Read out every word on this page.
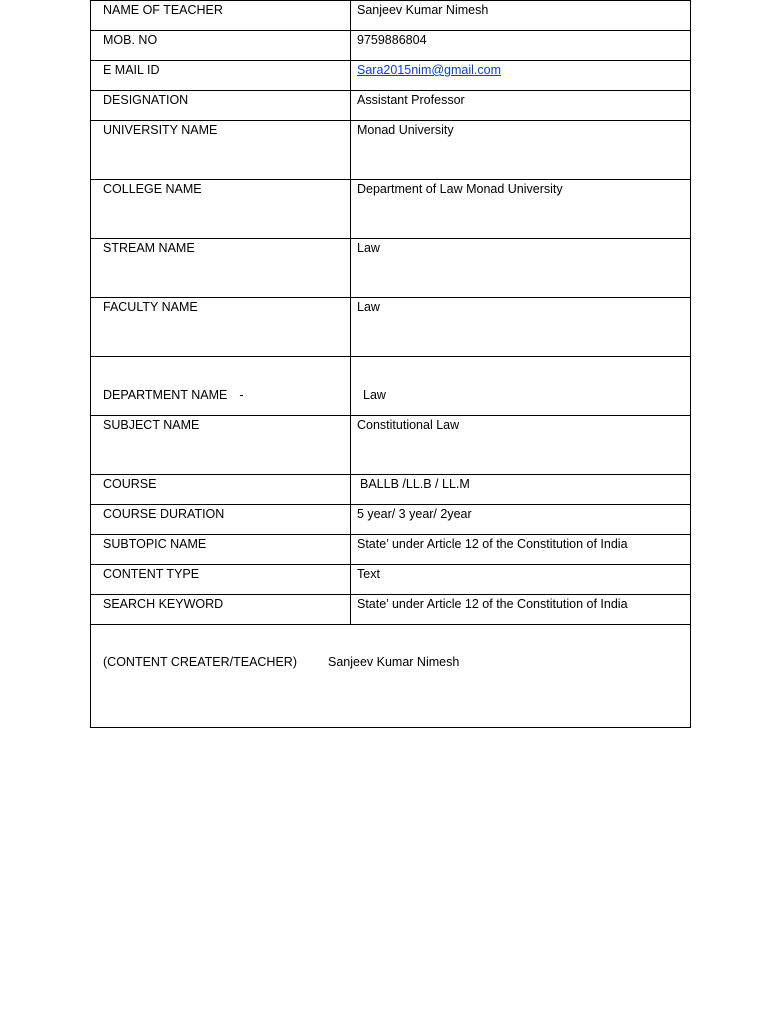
NAME OF TEACHER	Sanjeev Kumar Nimesh
MOB. NO	9759886804
E MAIL ID	Sara2015nim@gmail.com
DESIGNATION	Assistant Professor
UNIVERSITY NAME	Monad University
COLLEGE NAME	Department of Law Monad University
STREAM NAME	Law
FACULTY NAME	Law
DEPARTMENT NAME -	Law
SUBJECT NAME	Constitutional Law
COURSE	BALLB /LL.B / LL.M
COURSE DURATION	5 year/ 3 year/ 2year
SUBTOPIC NAME	State’ under Article 12 of the Constitution of India
CONTENT TYPE	Text
SEARCH KEYWORD	State’ under Article 12 of the Constitution of India
(CONTENT CREATER/TEACHER) Sanjeev Kumar Nimesh	
